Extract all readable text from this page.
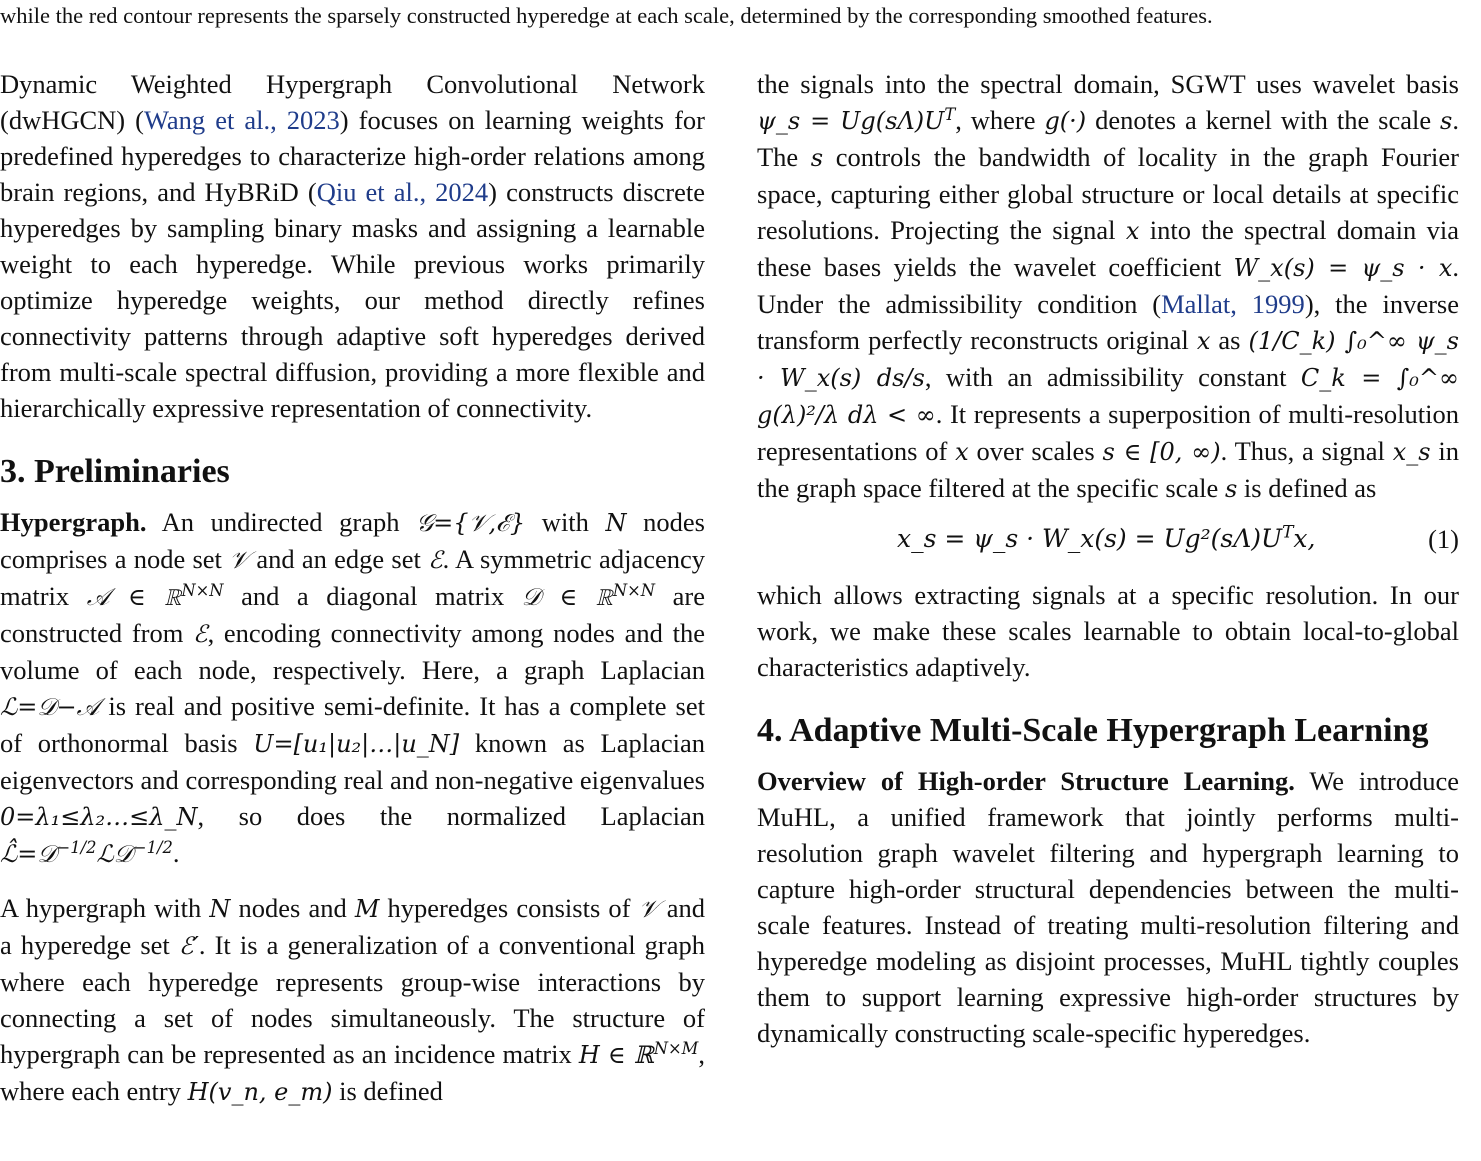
while the red contour represents the sparsely constructed hyperedge at each scale, determined by the corresponding smoothed features.

Dynamic Weighted Hypergraph Convolutional Network (dwHGCN) (Wang et al., 2023) focuses on learning weights for predefined hyperedges to characterize high-order relations among brain regions, and HyBRiD (Qiu et al., 2024) constructs discrete hyperedges by sampling binary masks and assigning a learnable weight to each hyperedge. While previous works primarily optimize hyperedge weights, our method directly refines connectivity patterns through adaptive soft hyperedges derived from multi-scale spectral diffusion, providing a more flexible and hierarchically expressive representation of connectivity.

3. Preliminaries

Hypergraph. An undirected graph 𝒢={𝒱,ℰ} with N nodes comprises a node set 𝒱 and an edge set ℰ. A symmetric adjacency matrix 𝒜 ∈ ℝ$^{N\times N}$ and a diagonal matrix 𝒟 ∈ ℝ$^{N\times N}$ are constructed from ℰ, encoding connectivity among nodes and the volume of each node, respectively. Here, a graph Laplacian ℒ=𝒟−𝒜 is real and positive semi-definite. It has a complete set of orthonormal basis U=[u₁|u₂|…|u_N] known as Laplacian eigenvectors and corresponding real and non-negative eigenvalues 0=λ₁≤λ₂…≤λ_N, so does the normalized Laplacian ℒ̂=𝒟$^{-1/2}$ℒ𝒟$^{-1/2}$.

A hypergraph with N nodes and M hyperedges consists of 𝒱 and a hyperedge set ℰ′. It is a generalization of a conventional graph where each hyperedge represents group-wise interactions by connecting a set of nodes simultaneously. The structure of hypergraph can be represented as an incidence matrix H ∈ ℝ$^{N\times M}$, where each entry H(v_n, e_m) is defined

the signals into the spectral domain, SGWT uses wavelet basis ψ_s = $Ug(s\Lambda)U^T$, where g(·) denotes a kernel with the scale s. The s controls the bandwidth of locality in the graph Fourier space, capturing either global structure or local details at specific resolutions. Projecting the signal x into the spectral domain via these bases yields the wavelet coefficient W_x(s) = ψ_s · x. Under the admissibility condition (Mallat, 1999), the inverse transform perfectly reconstructs original x as (1/C_k) ∫₀^∞ ψ_s · W_x(s) ds/s, with an admissibility constant C_k = ∫₀^∞ g(λ)²/λ dλ < ∞. It represents a superposition of multi-resolution representations of x over scales s ∈ [0, ∞). Thus, a signal x_s in the graph space filtered at the specific scale s is defined as

x_s = ψ_s · W_x(s) = $Ug^2(s\Lambda)U^Tx$,	(1)

which allows extracting signals at a specific resolution. In our work, we make these scales learnable to obtain local-to-global characteristics adaptively.

4. Adaptive Multi-Scale Hypergraph Learning

Overview of High-order Structure Learning. We introduce MuHL, a unified framework that jointly performs multi-resolution graph wavelet filtering and hypergraph learning to capture high-order structural dependencies between the multi-scale features. Instead of treating multi-resolution filtering and hyperedge modeling as disjoint processes, MuHL tightly couples them to support learning expressive high-order structures by dynamically constructing scale-specific hyperedges.
